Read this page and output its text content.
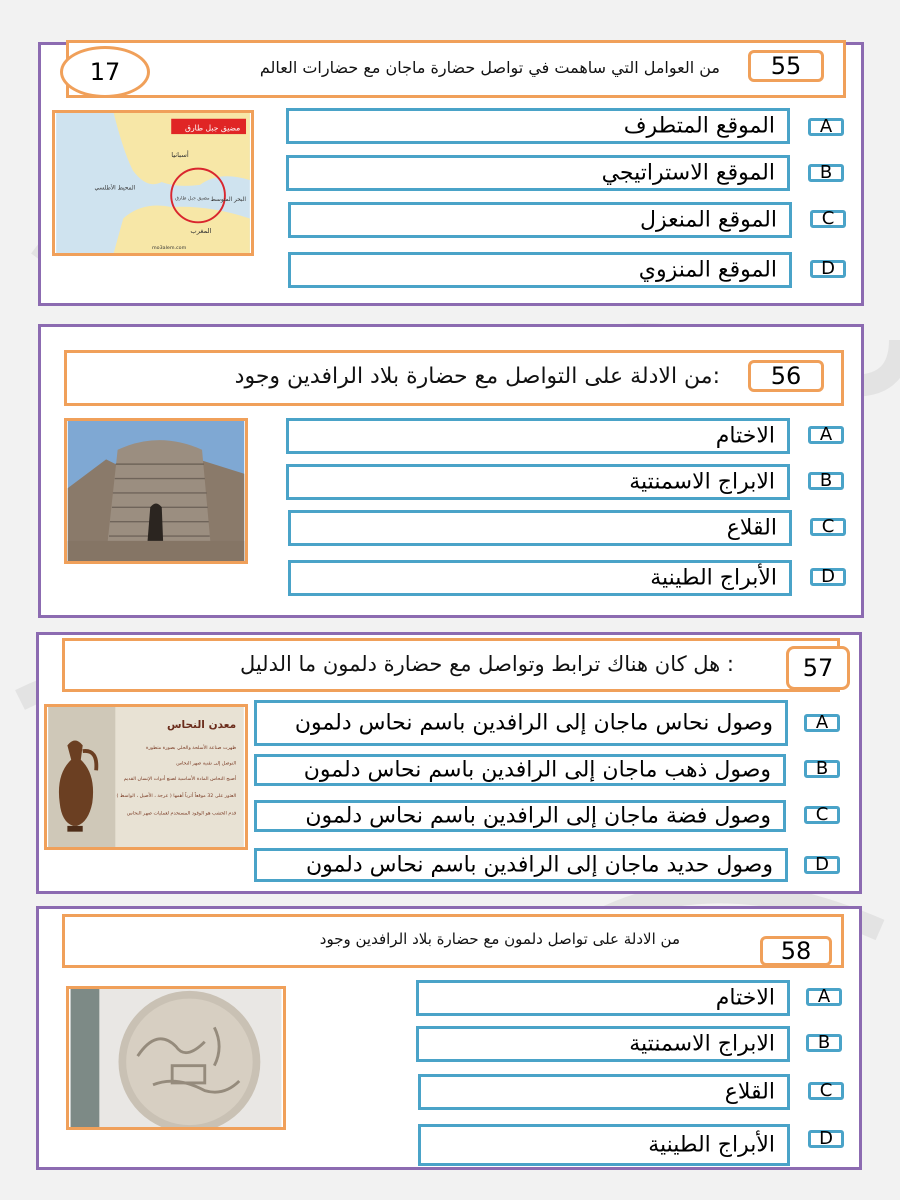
17	من العوامل التي ساهمت في تواصل حضارة ماجان مع حضارات العالم	55
مضيق جبل طارق
أسبانيا
المحيط الأطلسي
البحر المتوسط
المغرب
مضيق جبل طارق
mo3alem.com
الموقع المتطرف	A
الموقع الاستراتيجي	B
الموقع المنعزل	C
الموقع المنزوي	D
:من الادلة على التواصل مع حضارة بلاد الرافدين وجود	56
الاختام	A
الابراج الاسمنتية	B
القلاع	C
الأبراج الطينية	D
: هل كان هناك ترابط وتواصل مع حضارة دلمون ما الدليل	57
معدن النحاس
ظهرت صناعة الأسلحة والحلي بصورة متطورة
التوصل إلى تقنية صهر النحاس
أصبح النحاس المادة الأساسية لصنع أدوات الإنسان القديم
العثور على 32 موقعاً أثرياً أهمها ( عرجة ، الأصيل ، الواسط )
قدم الخشب هو الوقود المستخدم لعمليات صهر النحاس
وصول نحاس ماجان إلى الرافدين باسم نحاس دلمون	A
وصول ذهب ماجان إلى الرافدين باسم نحاس دلمون	B
وصول فضة ماجان إلى الرافدين باسم نحاس دلمون	C
وصول حديد ماجان إلى الرافدين باسم نحاس دلمون	D
من الادلة على تواصل دلمون مع حضارة بلاد الرافدين وجود	58
الاختام	A
الابراج الاسمنتية	B
القلاع	C
الأبراج الطينية	D
